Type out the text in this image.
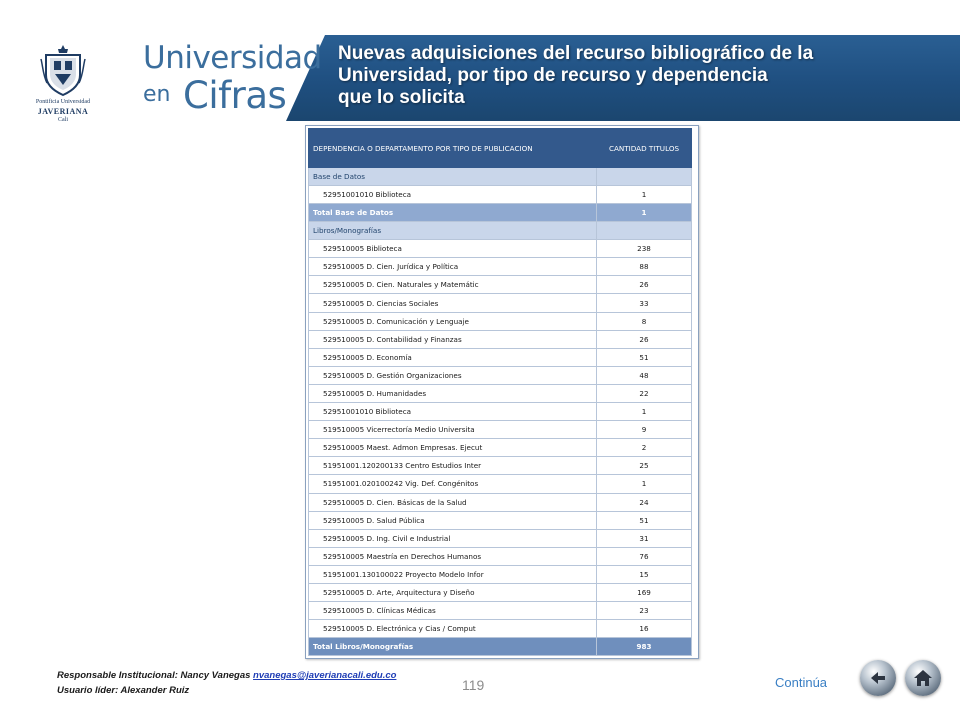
Pontificia Universidad
JAVERIANA
Cali
Universidad
en Cifras
Nuevas adquisiciones del recurso bibliográfico de la
Universidad, por tipo de recurso y dependencia
que lo solicita
DEPENDENCIA O DEPARTAMENTO POR TIPO DE PUBLICACION	CANTIDAD TITULOS
Base de Datos	
52951001010 Biblioteca	1
Total Base de Datos	1
Libros/Monografías	
529510005 Biblioteca	238
529510005 D. Cien. Jurídica y Política	88
529510005 D. Cien. Naturales y Matemátic	26
529510005 D. Ciencias Sociales	33
529510005 D. Comunicación y Lenguaje	8
529510005 D. Contabilidad y Finanzas	26
529510005 D. Economía	51
529510005 D. Gestión Organizaciones	48
529510005 D. Humanidades	22
52951001010 Biblioteca	1
519510005 Vicerrectoría Medio Universita	9
529510005 Maest. Admon Empresas. Ejecut	2
51951001.120200133 Centro Estudios Inter	25
51951001.020100242 Vig. Def. Congénitos	1
529510005 D. Cien. Básicas de la Salud	24
529510005 D. Salud Pública	51
529510005 D. Ing. Civil e Industrial	31
529510005 Maestría en Derechos Humanos	76
51951001.130100022 Proyecto Modelo Infor	15
529510005 D. Arte, Arquitectura y Diseño	169
529510005 D. Clínicas Médicas	23
529510005 D. Electrónica y Cias / Comput	16
Total Libros/Monografías	983
Responsable Institucional: Nancy Vanegas nvanegas@javerianacali.edu.co
Usuario líder: Alexander Ruiz	119	Continúa
